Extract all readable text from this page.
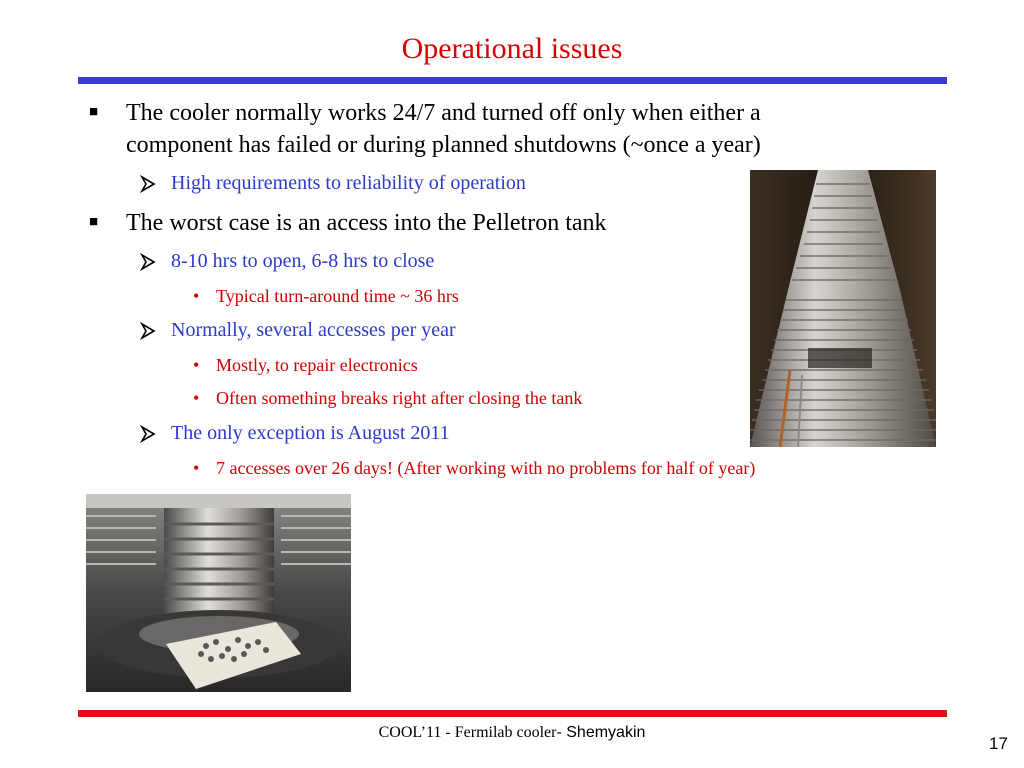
Operational issues
■ The cooler normally works 24/7 and turned off only when either a
component has failed or during planned shutdowns (~once a year)
High requirements to reliability of operation
■ The worst case is an access into the Pelletron tank
8-10 hrs to open, 6-8 hrs to close
• Typical turn-around time ~ 36 hrs
Normally, several accesses per year
• Mostly, to repair electronics
• Often something breaks right after closing the tank
The only exception is August 2011
• 7 accesses over 26 days! (After working with no problems for half of year)
COOL’11 - Fermilab cooler- Shemyakin
17
